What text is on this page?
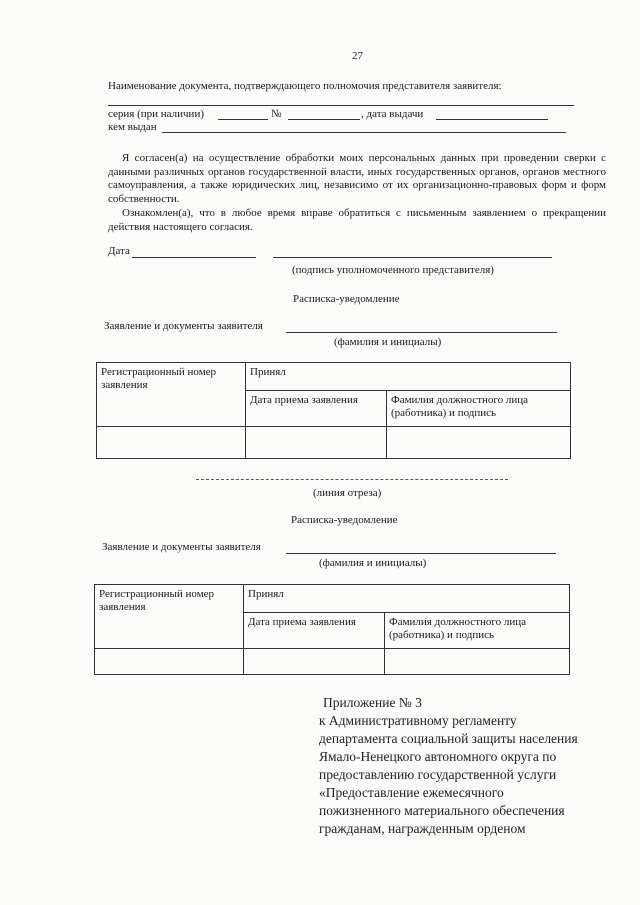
27
Наименование документа, подтверждающего полномочия представителя заявителя:
серия (при наличии)	№	, дата выдачи
кем выдан
Я согласен(а) на осуществление обработки моих персональных данных при проведении сверки с данными различных органов государственной власти, иных государственных органов, органов местного самоуправления, а также юридических лиц, независимо от их организационно-правовых форм и форм собственности.
Ознакомлен(а), что в любое время вправе обратиться с письменным заявлением о прекращении действия настоящего согласия.
Дата
(подпись уполномоченного представителя)
Расписка-уведомление
Заявление и документы заявителя
(фамилия и инициалы)
Регистрационный номер заявления	Принял	
	Дата приема заявления	Фамилия должностного лица (работника) и подпись

(линия отреза)
Расписка-уведомление
Заявление и документы заявителя
(фамилия и инициалы)
Регистрационный номер заявления	Принял	
	Дата приема заявления	Фамилия должностного лица (работника) и подпись

Приложение № 3
к Административному регламенту
департамента социальной защиты населения
Ямало-Ненецкого автономного округа по
предоставлению государственной услуги
«Предоставление ежемесячного
пожизненного материального обеспечения
гражданам, награжденным орденом
